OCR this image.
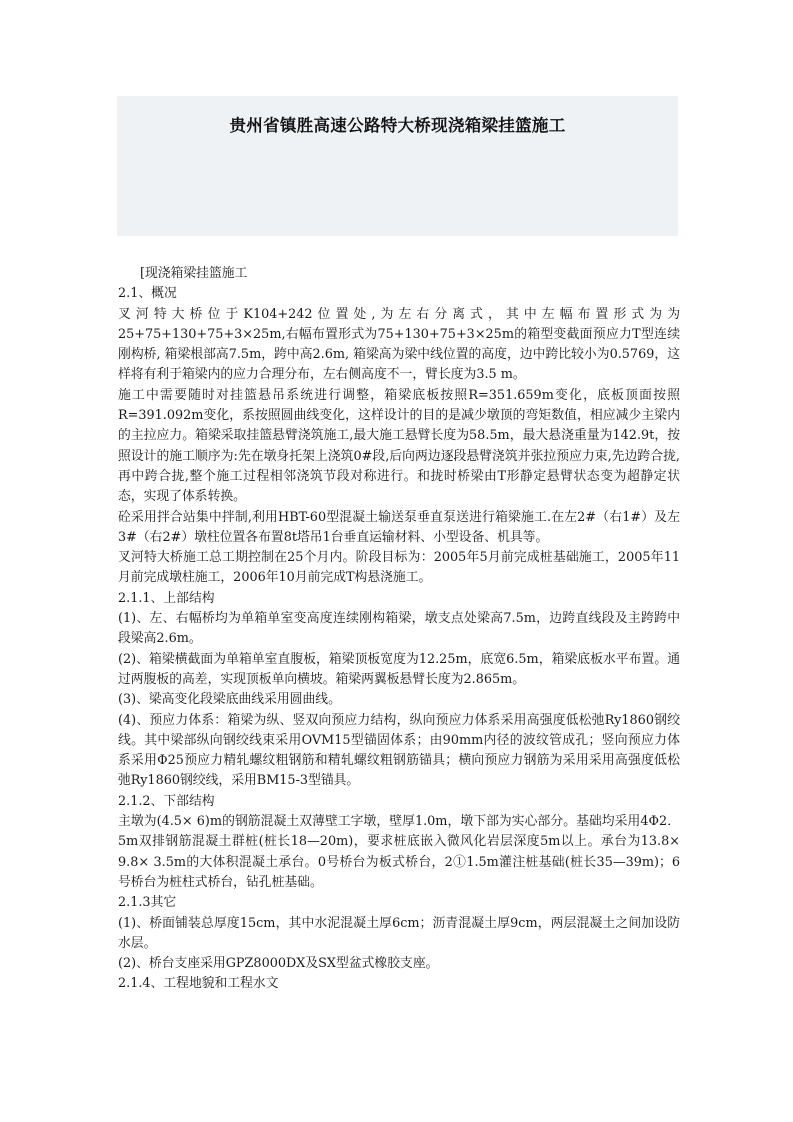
贵州省镇胜高速公路特大桥现浇箱梁挂篮施工

[现浇箱梁挂篮施工

2.1、概况

叉河特大桥位于K104+242位置处,为左右分离式，其中左幅布置形式为为25+75+130+75+3×25m,右幅布置形式为75+130+75+3×25m的箱型变截面预应力T型连续刚构桥, 箱梁根部高7.5m，跨中高2.6m, 箱梁高为梁中线位置的高度，边中跨比较小为0.5769，这样将有利于箱梁内的应力合理分布，左右侧高度不一，臂长度为3.5 m。

施工中需要随时对挂篮悬吊系统进行调整，箱梁底板按照R=351.659m变化，底板顶面按照R=391.092m变化，系按照圆曲线变化，这样设计的目的是减少墩顶的弯矩数值，相应减少主梁内的主拉应力。箱梁采取挂篮悬臂浇筑施工,最大施工悬臂长度为58.5m，最大悬浇重量为142.9t，按照设计的施工顺序为:先在墩身托架上浇筑0#段,后向两边逐段悬臂浇筑并张拉预应力束,先边跨合拢,再中跨合拢,整个施工过程相邻浇筑节段对称进行。和拢时桥梁由T形静定悬臂状态变为超静定状态，实现了体系转换。

砼采用拌合站集中拌制,利用HBT-60型混凝土输送泵垂直泵送进行箱梁施工.在左2#（右1#）及左3#（右2#）墩柱位置各布置8t塔吊1台垂直运输材料、小型设备、机具等。

叉河特大桥施工总工期控制在25个月内。阶段目标为：2005年5月前完成桩基础施工，2005年11月前完成墩柱施工，2006年10月前完成T构悬浇施工。

2.1.1、上部结构

(1)、左、右幅桥均为单箱单室变高度连续刚构箱梁，墩支点处梁高7.5m，边跨直线段及主跨跨中段梁高2.6m。

(2)、箱梁横截面为单箱单室直腹板，箱梁顶板宽度为12.25m，底宽6.5m，箱梁底板水平布置。通过两腹板的高差，实现顶板单向横坡。箱梁两翼板悬臂长度为2.865m。

(3)、梁高变化段梁底曲线采用圆曲线。

(4)、预应力体系：箱梁为纵、竖双向预应力结构，纵向预应力体系采用高强度低松弛Ry1860钢绞线。其中梁部纵向钢绞线束采用OVM15型锚固体系；由90mm内径的波纹管成孔；竖向预应力体系采用Φ25预应力精轧螺纹粗钢筋和精轧螺纹粗钢筋锚具；横向预应力钢筋为采用采用高强度低松弛Ry1860钢绞线，采用BM15-3型锚具。

2.1.2、下部结构

主墩为(4.5× 6)m的钢筋混凝土双薄壁工字墩，壁厚1.0m，墩下部为实心部分。基础均采用4Φ2．5m双排钢筋混凝土群桩(桩长18—20m)，要求桩底嵌入微风化岩层深度5m以上。承台为13.8× 9.8× 3.5m的大体积混凝土承台。0号桥台为板式桥台，2①1.5m灌注桩基础(桩长35—39m)；6号桥台为桩柱式桥台，钻孔桩基础。

2.1.3其它

(1)、桥面铺装总厚度15cm，其中水泥混凝土厚6cm；沥青混凝土厚9cm，两层混凝土之间加设防水层。

(2)、桥台支座采用GPZ8000DX及SX型盆式橡胶支座。

2.1.4、工程地貌和工程水文
